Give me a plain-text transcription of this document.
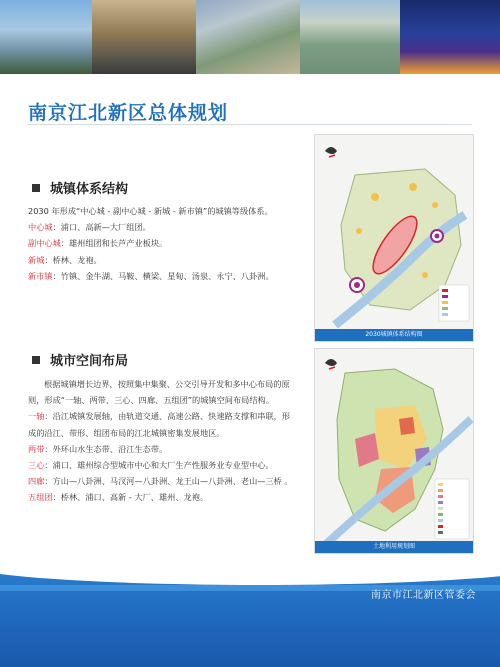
南京江北新区总体规划
城镇体系结构

2030 年形成“中心城 - 副中心城 - 新城 - 新市镇”的城镇等级体系。

中心城：浦口、高新—大厂组团。

副中心城：雄州组团和长芦产业板块。

新城：桥林、龙袍。

新市镇：竹镇、金牛湖、马鞍、横梁、星甸、汤泉、永宁、八卦洲。

2030城镇体系结构图
城市空间布局

根据城镇增长边界，按照集中集聚、公交引导开发和多中心布局的原

则，形成“一轴、两带、三心、四廊、五组团”的城镇空间布局结构。

一轴：沿江城镇发展轴，由轨道交通、高速公路、快速路支撑和串联，形

成的沿江、带形、组团布局的江北城镇密集发展地区。

两带：外环山水生态带、沿江生态带。

三心：浦口、雄州综合型城市中心和大厂生产性服务业专业型中心。

四廊：方山—八卦洲、马汊河—八卦洲、龙王山—八卦洲、老山—三桥 。

五组团：桥林、浦口、高新 - 大厂、雄州、龙袍。

土地利用规划图
南京市江北新区管委会
